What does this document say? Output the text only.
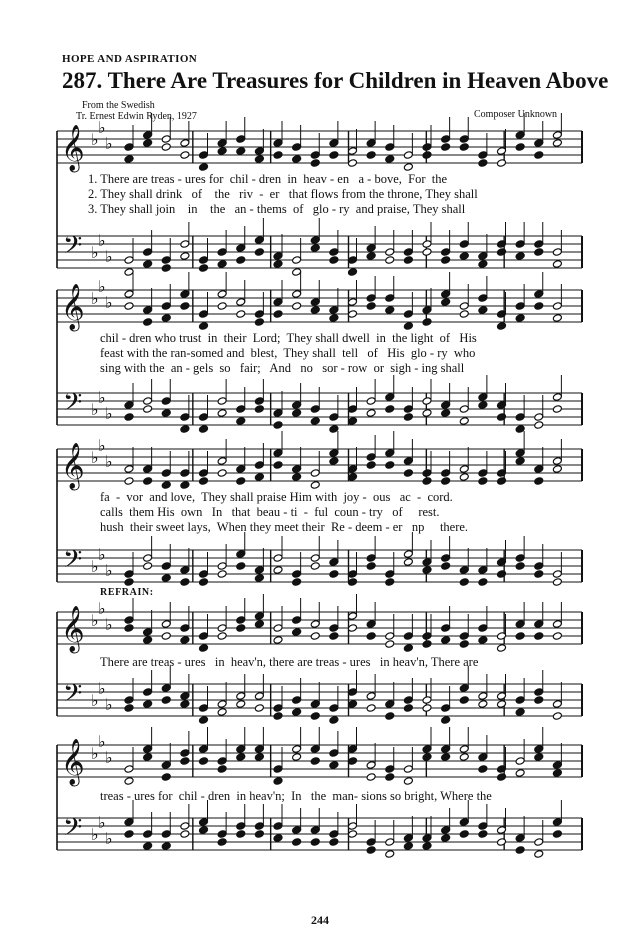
HOPE AND ASPIRATION
287. There Are Treasures for Children in Heaven Above
From the Swedish
Tr. Ernest Edwin Ryden, 1927	Composer Unknown
𝄞
𝄢
♭
♭
♭
♭
♭
♭
𝄞
𝄢
♭
♭
♭
♭
♭
♭
𝄞
𝄢
♭
♭
♭
♭
♭
♭
𝄞
𝄢
♭
♭
♭
♭
♭
♭
𝄞
𝄢
♭
♭
♭
♭
♭
♭
1. There are treas - ures for  chil - dren  in  heav - en   a - bove,  For  the
2. They shall drink   of    the   riv  -  er   that flows from the throne, They shall
3. They shall join    in    the   an - thems  of   glo - ry  and praise, They shall
chil - dren who trust  in  their  Lord;  They shall dwell  in  the light  of   His
feast with the ran-somed and  blest,  They shall  tell   of   His  glo - ry  who
sing with the  an - gels  so   fair;   And   no   sor - row  or  sigh - ing shall
fa  -  vor  and love,  They shall praise Him with  joy -  ous   ac  -  cord.
calls  them His  own   In   that  beau - ti  -  ful  coun - try   of     rest.
hush  their sweet lays,  When they meet their  Re - deem - er   np     there.
REFRAIN:
There are treas - ures   in  heav'n, there are treas - ures   in heav'n, There are
treas - ures for  chil - dren  in heav'n;  In   the  man- sions so bright, Where the
244
